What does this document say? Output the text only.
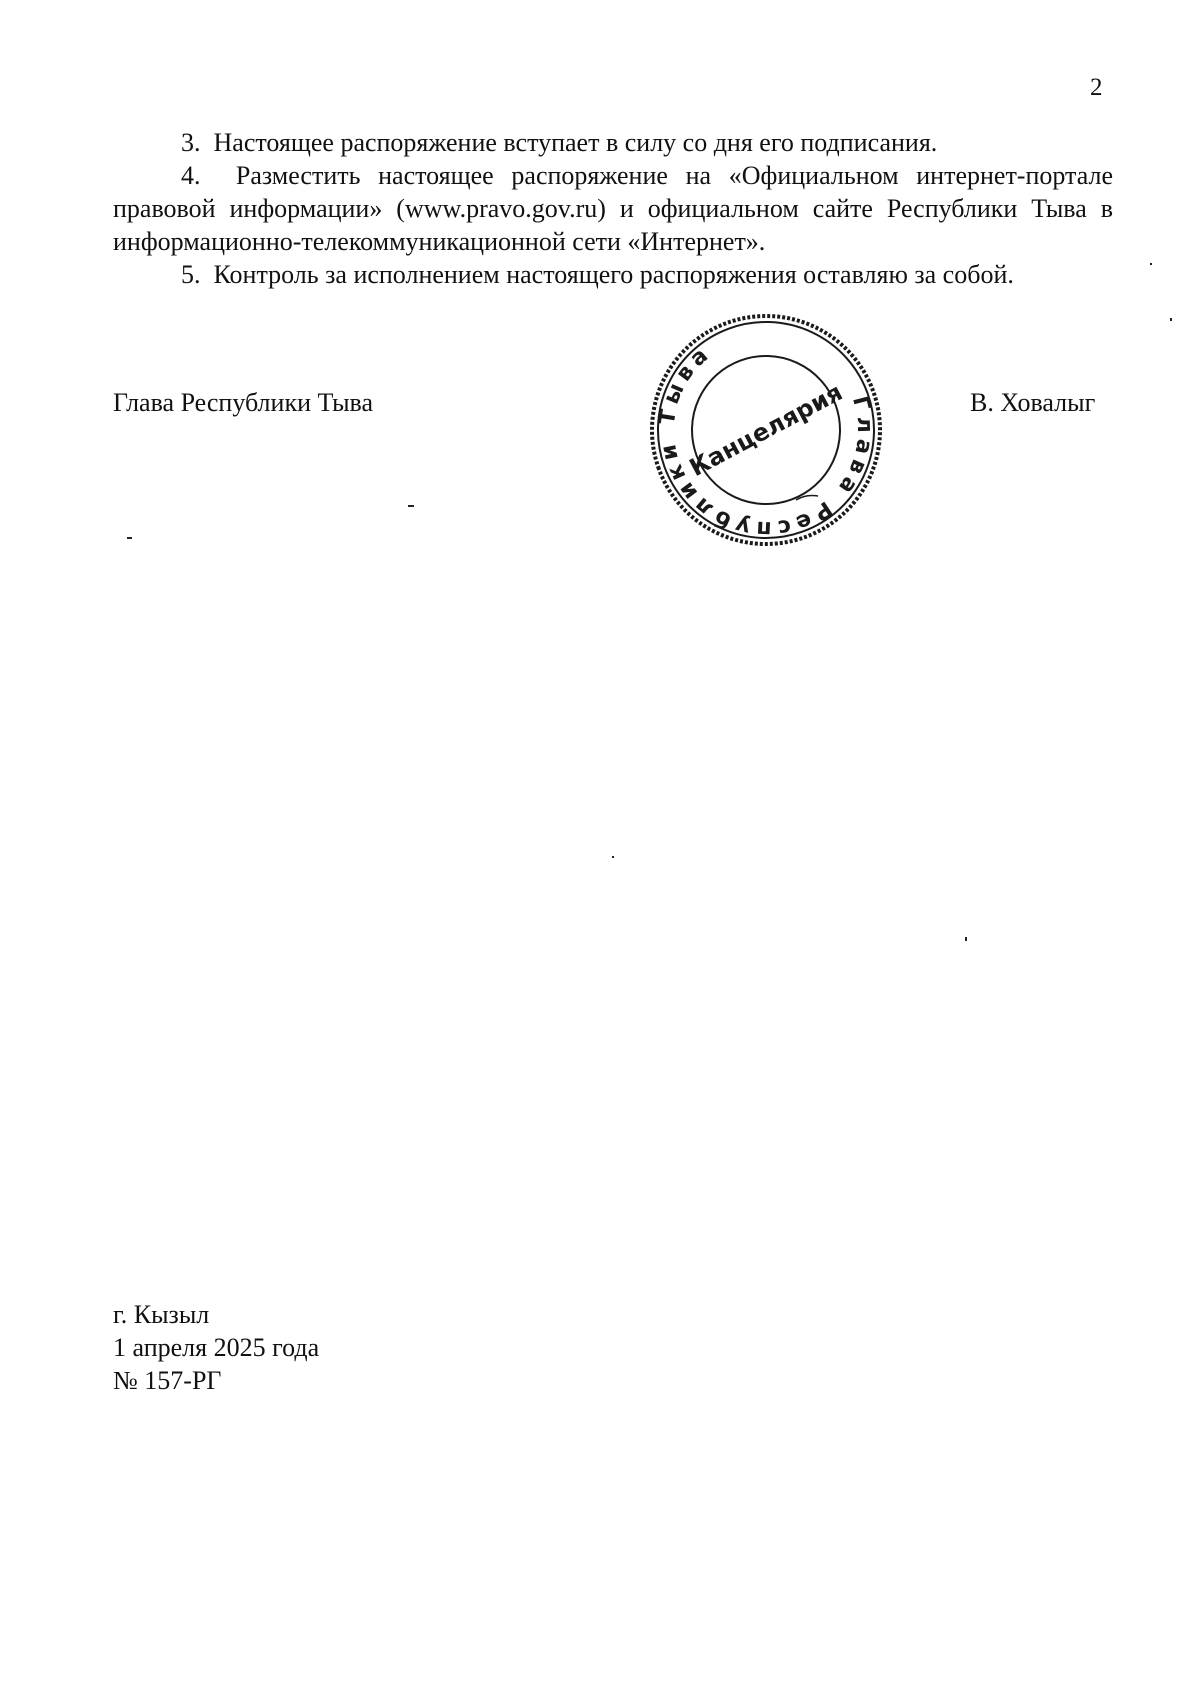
2

3.  Настоящее распоряжение вступает в силу со дня его подписания.

4.  Разместить настоящее распоряжение на «Официальном интернет-портале правовой информации» (www.pravo.gov.ru) и официальном сайте Республики Тыва в информационно-телекоммуникационной сети «Интернет».

5.  Контроль за исполнением настоящего распоряжения оставляю за собой.

Глава Республики Тыва	В. Ховалыг
Глава Республики Тыва
Канцелярия
г. Кызыл
1 апреля 2025 года
№ 157-РГ
